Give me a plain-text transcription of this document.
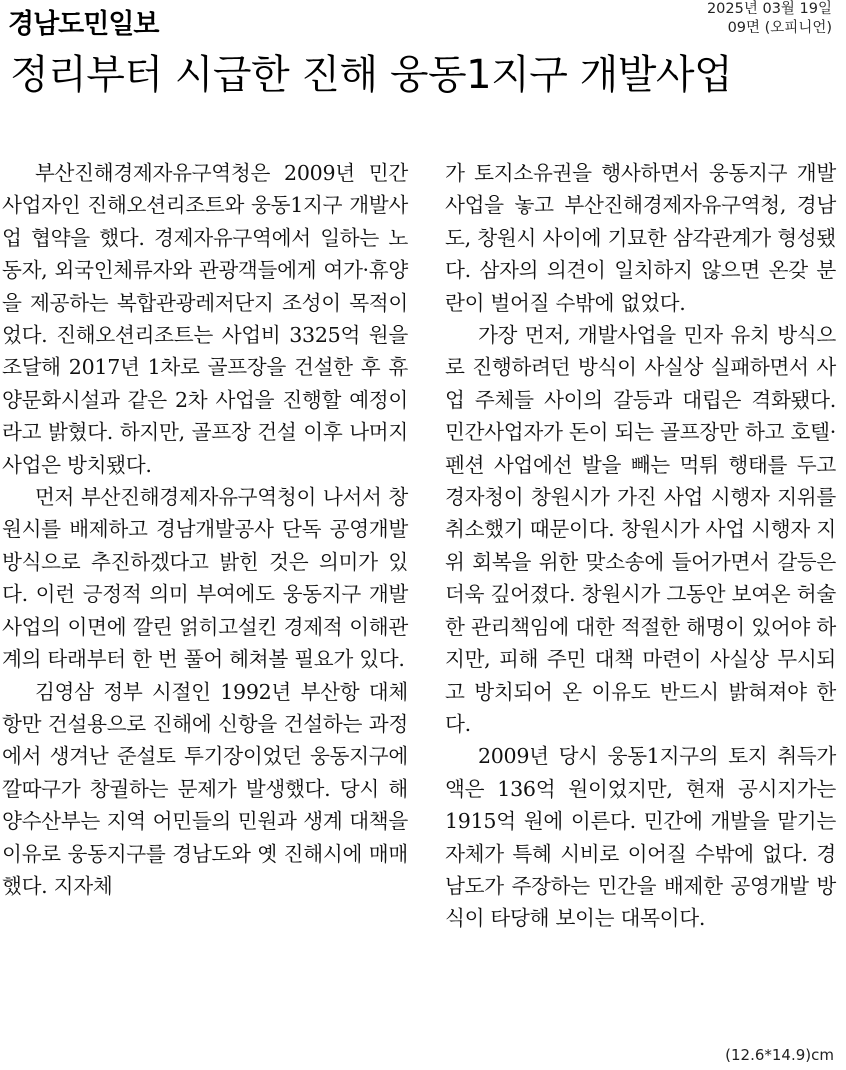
경남도민일보	2025년 03월 19일
09면 (오피니언)
정리부터 시급한 진해 웅동1지구 개발사업

부산진해경제자유구역청은 2009년 민간사업자인 진해오션리조트와 웅동1지구 개발사업 협약을 했다. 경제자유구역에서 일하는 노동자, 외국인체류자와 관광객들에게 여가·휴양을 제공하는 복합관광레저단지 조성이 목적이었다. 진해오션리조트는 사업비 3325억 원을 조달해 2017년 1차로 골프장을 건설한 후 휴양문화시설과 같은 2차 사업을 진행할 예정이라고 밝혔다. 하지만, 골프장 건설 이후 나머지 사업은 방치됐다.

먼저 부산진해경제자유구역청이 나서서 창원시를 배제하고 경남개발공사 단독 공영개발 방식으로 추진하겠다고 밝힌 것은 의미가 있다. 이런 긍정적 의미 부여에도 웅동지구 개발사업의 이면에 깔린 얽히고설킨 경제적 이해관계의 타래부터 한 번 풀어 헤쳐볼 필요가 있다.

김영삼 정부 시절인 1992년 부산항 대체항만 건설용으로 진해에 신항을 건설하는 과정에서 생겨난 준설토 투기장이었던 웅동지구에 깔따구가 창궐하는 문제가 발생했다. 당시 해양수산부는 지역 어민들의 민원과 생계 대책을 이유로 웅동지구를 경남도와 옛 진해시에 매매했다. 지자체

가 토지소유권을 행사하면서 웅동지구 개발사업을 놓고 부산진해경제자유구역청, 경남도, 창원시 사이에 기묘한 삼각관계가 형성됐다. 삼자의 의견이 일치하지 않으면 온갖 분란이 벌어질 수밖에 없었다.

가장 먼저, 개발사업을 민자 유치 방식으로 진행하려던 방식이 사실상 실패하면서 사업 주체들 사이의 갈등과 대립은 격화됐다. 민간사업자가 돈이 되는 골프장만 하고 호텔·펜션 사업에선 발을 빼는 먹튀 행태를 두고 경자청이 창원시가 가진 사업 시행자 지위를 취소했기 때문이다. 창원시가 사업 시행자 지위 회복을 위한 맞소송에 들어가면서 갈등은 더욱 깊어졌다. 창원시가 그동안 보여온 허술한 관리책임에 대한 적절한 해명이 있어야 하지만, 피해 주민 대책 마련이 사실상 무시되고 방치되어 온 이유도 반드시 밝혀져야 한다.

2009년 당시 웅동1지구의 토지 취득가액은 136억 원이었지만, 현재 공시지가는 1915억 원에 이른다. 민간에 개발을 맡기는 자체가 특혜 시비로 이어질 수밖에 없다. 경남도가 주장하는 민간을 배제한 공영개발 방식이 타당해 보이는 대목이다.

(12.6*14.9)cm
